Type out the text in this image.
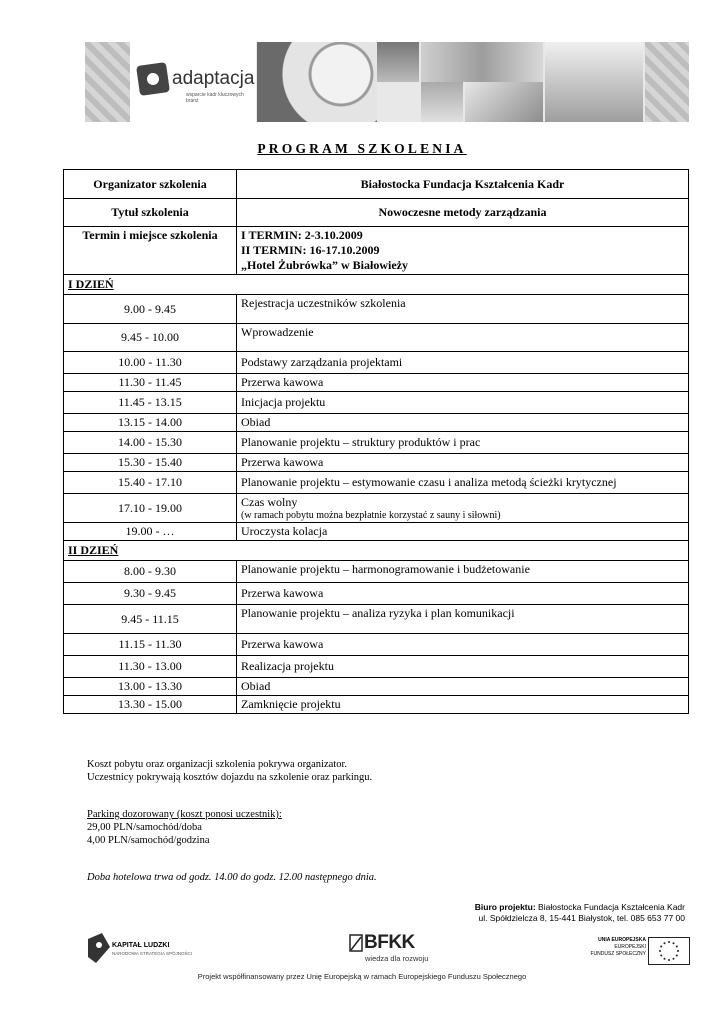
adaptacja
wsparcie kadr kluczowych branż
PROGRAM SZKOLENIA
Organizator szkolenia	Białostocka Fundacja Kształcenia Kadr
Tytuł szkolenia	Nowoczesne metody zarządzania
Termin i miejsce szkolenia	I TERMIN: 2-3.10.2009
II TERMIN: 16-17.10.2009
„Hotel Żubrówka” w Białowieży

I DZIEŃ	
9.00 - 9.45	Rejestracja uczestników szkolenia

9.45 - 10.00	Wprowadzenie

10.00 - 11.30	Podstawy zarządzania projektami

11.30 - 11.45	Przerwa kawowa

11.45 - 13.15	Inicjacja projektu

13.15 - 14.00	Obiad

14.00 - 15.30	Planowanie projektu – struktury produktów i prac

15.30 - 15.40	Przerwa kawowa

15.40 - 17.10	Planowanie projektu – estymowanie czasu i analiza metodą ścieżki krytycznej

17.10 - 19.00	Czas wolny
(w ramach pobytu można bezpłatnie korzystać z sauny i siłowni)

19.00 - …	Uroczysta kolacja

II DZIEŃ	
8.00 - 9.30	Planowanie projektu – harmonogramowanie i budżetowanie

9.30 - 9.45	Przerwa kawowa

9.45 - 11.15	Planowanie projektu – analiza ryzyka i plan komunikacji

11.15 - 11.30	Przerwa kawowa

11.30 - 13.00	Realizacja projektu

13.00 - 13.30	Obiad

13.30 - 15.00	Zamknięcie projektu
Koszt pobytu oraz organizacji szkolenia pokrywa organizator.
Uczestnicy pokrywają kosztów dojazdu na szkolenie oraz parkingu.
Parking dozorowany (koszt ponosi uczestnik):
29,00 PLN/samochód/doba
4,00 PLN/samochód/godzina
Doba hotelowa trwa od godz. 14.00 do godz. 12.00 następnego dnia.
Biuro projektu: Białostocka Fundacja Kształcenia Kadr
ul. Spółdzielcza 8, 15-441 Białystok, tel. 085 653 77 00
KAPITAŁ LUDZKI
NARODOWA STRATEGIA SPÓJNOŚCI
BFKK
wiedza dla rozwoju
UNIA EUROPEJSKA
EUROPEJSKI
FUNDUSZ SPOŁECZNY
Projekt współfinansowany przez Unię Europejską w ramach Europejskiego Funduszu Społecznego
